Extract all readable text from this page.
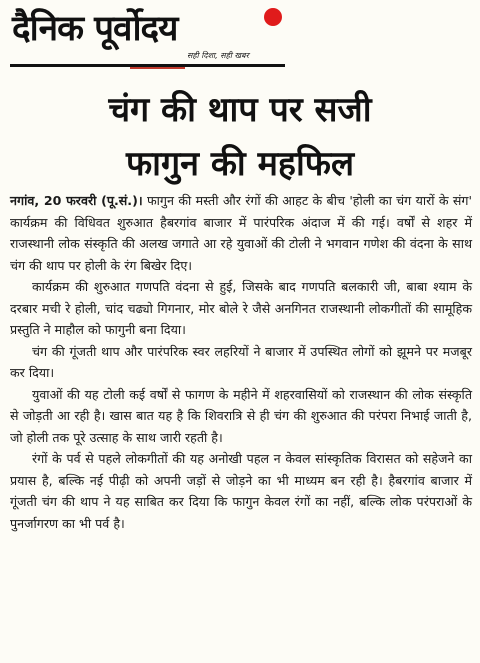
दैनिक पूर्वोदय
सही दिशा, सही खबर
चंग की थाप पर सजी
फागुन की महफिल

नगांव, 20 फरवरी (पू.सं.)। फागुन की मस्ती और रंगों की आहट के बीच 'होली का चंग यारों के संग' कार्यक्रम की विधिवत शुरुआत हैबरगांव बाजार में पारंपरिक अंदाज में की गई। वर्षों से शहर में राजस्थानी लोक संस्कृति की अलख जगाते आ रहे युवाओं की टोली ने भगवान गणेश की वंदना के साथ चंग की थाप पर होली के रंग बिखेर दिए।

कार्यक्रम की शुरुआत गणपति वंदना से हुई, जिसके बाद गणपति बलकारी जी, बाबा श्याम के दरबार मची रे होली, चांद चढ्यो गिगनार, मोर बोले रे जैसे अनगिनत राजस्थानी लोकगीतों की सामूहिक प्रस्तुति ने माहौल को फागुनी बना दिया।

चंग की गूंजती थाप और पारंपरिक स्वर लहरियों ने बाजार में उपस्थित लोगों को झूमने पर मजबूर कर दिया।

युवाओं की यह टोली कई वर्षों से फागण के महीने में शहरवासियों को राजस्थान की लोक संस्कृति से जोड़ती आ रही है। खास बात यह है कि शिवरात्रि से ही चंग की शुरुआत की परंपरा निभाई जाती है, जो होली तक पूरे उत्साह के साथ जारी रहती है।

रंगों के पर्व से पहले लोकगीतों की यह अनोखी पहल न केवल सांस्कृतिक विरासत को सहेजने का प्रयास है, बल्कि नई पीढ़ी को अपनी जड़ों से जोड़ने का भी माध्यम बन रही है। हैबरगांव बाजार में गूंजती चंग की थाप ने यह साबित कर दिया कि फागुन केवल रंगों का नहीं, बल्कि लोक परंपराओं के पुनर्जागरण का भी पर्व है।
